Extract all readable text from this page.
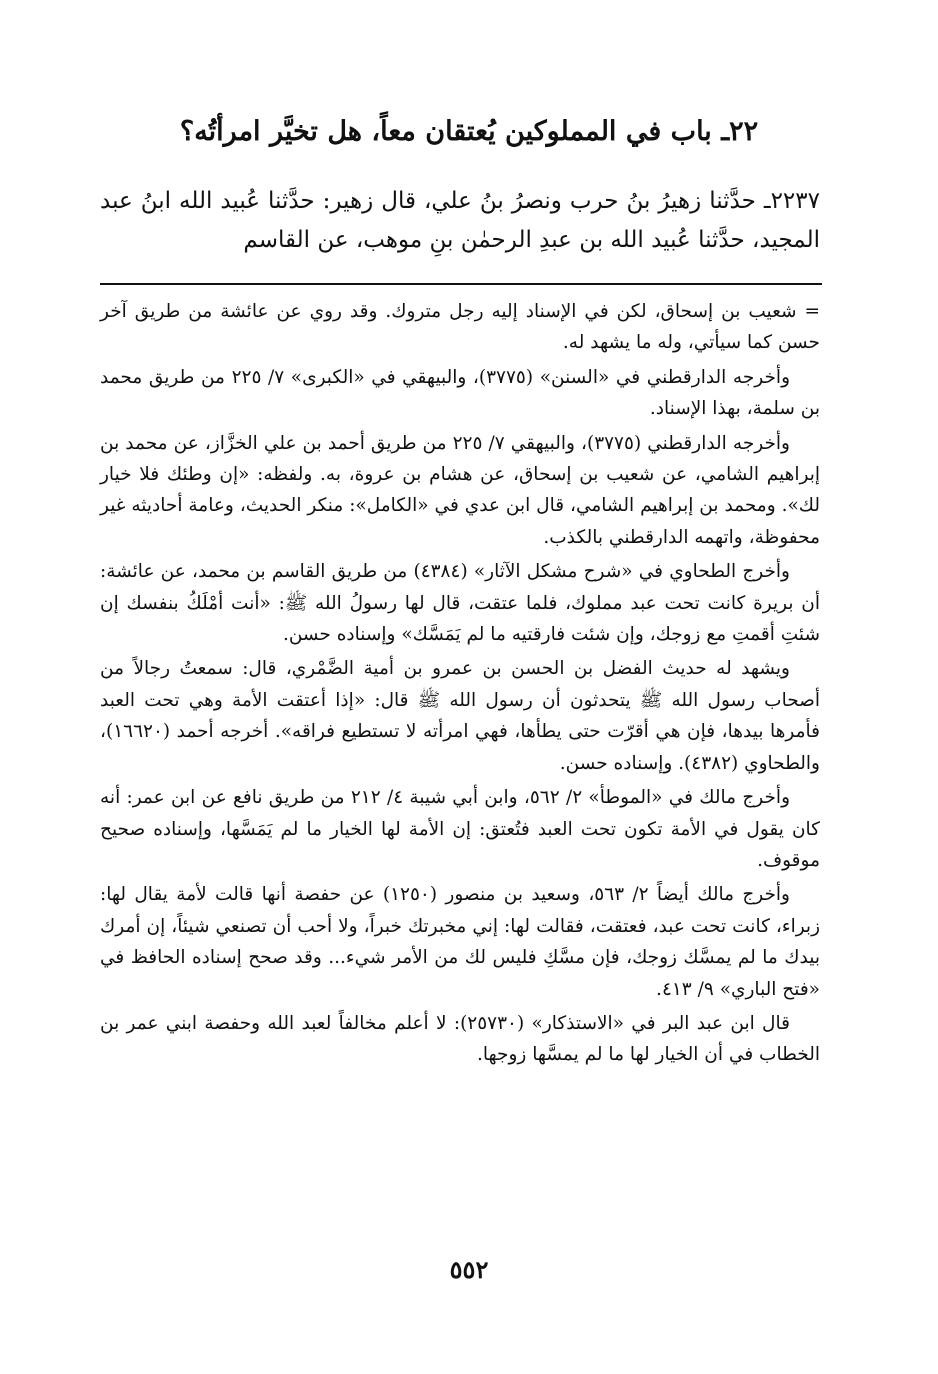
٢٢ـ باب في المملوكين يُعتقان معاً، هل تخيَّر امرأتُه؟

٢٢٣٧ـ حدَّثنا زهيرُ بنُ حرب ونصرُ بنُ علي، قال زهير: حدَّثنا عُبيد الله ابنُ عبد المجيد، حدَّثنا عُبيد الله بن عبدِ الرحمٰن بنِ موهب، عن القاسم

= شعيب بن إسحاق، لكن في الإسناد إليه رجل متروك. وقد روي عن عائشة من طريق آخر حسن كما سيأتي، وله ما يشهد له.

وأخرجه الدارقطني في «السنن» (٣٧٧٥)، والبيهقي في «الكبرى» ٧/ ٢٢٥ من طريق محمد بن سلمة، بهذا الإسناد.

وأخرجه الدارقطني (٣٧٧٥)، والبيهقي ٧/ ٢٢٥ من طريق أحمد بن علي الخزَّاز، عن محمد بن إبراهيم الشامي، عن شعيب بن إسحاق، عن هشام بن عروة، به. ولفظه: «إن وطئك فلا خيار لك». ومحمد بن إبراهيم الشامي، قال ابن عدي في «الكامل»: منكر الحديث، وعامة أحاديثه غير محفوظة، واتهمه الدارقطني بالكذب.

وأخرج الطحاوي في «شرح مشكل الآثار» (٤٣٨٤) من طريق القاسم بن محمد، عن عائشة: أن بريرة كانت تحت عبد مملوك، فلما عتقت، قال لها رسولُ الله ﷺ: «أنت أمْلَكُ بنفسك إن شئتِ أقمتِ مع زوجك، وإن شئت فارقتيه ما لم يَمَسَّك» وإسناده حسن.

ويشهد له حديث الفضل بن الحسن بن عمرو بن أمية الضَّمْري، قال: سمعتُ رجالاً من أصحاب رسول الله ﷺ يتحدثون أن رسول الله ﷺ قال: «إذا أعتقت الأمة وهي تحت العبد فأمرها بيدها، فإن هي أقرّت حتى يطأها، فهي امرأته لا تستطيع فراقه». أخرجه أحمد (١٦٦٢٠)، والطحاوي (٤٣٨٢). وإسناده حسن.

وأخرج مالك في «الموطأ» ٢/ ٥٦٢، وابن أبي شيبة ٤/ ٢١٢ من طريق نافع عن ابن عمر: أنه كان يقول في الأمة تكون تحت العبد فتُعتق: إن الأمة لها الخيار ما لم يَمَسَّها، وإسناده صحيح موقوف.

وأخرج مالك أيضاً ٢/ ٥٦٣، وسعيد بن منصور (١٢٥٠) عن حفصة أنها قالت لأمة يقال لها: زبراء، كانت تحت عبد، فعتقت، فقالت لها: إني مخبرتك خبراً، ولا أحب أن تصنعي شيئاً، إن أمرك بيدك ما لم يمسَّك زوجك، فإن مسَّكِ فليس لك من الأمر شيء... وقد صحح إسناده الحافظ في «فتح الباري» ٩/ ٤١٣.

قال ابن عبد البر في «الاستذكار» (٢٥٧٣٠): لا أعلم مخالفاً لعبد الله وحفصة ابني عمر بن الخطاب في أن الخيار لها ما لم يمسَّها زوجها.

٥٥٢
